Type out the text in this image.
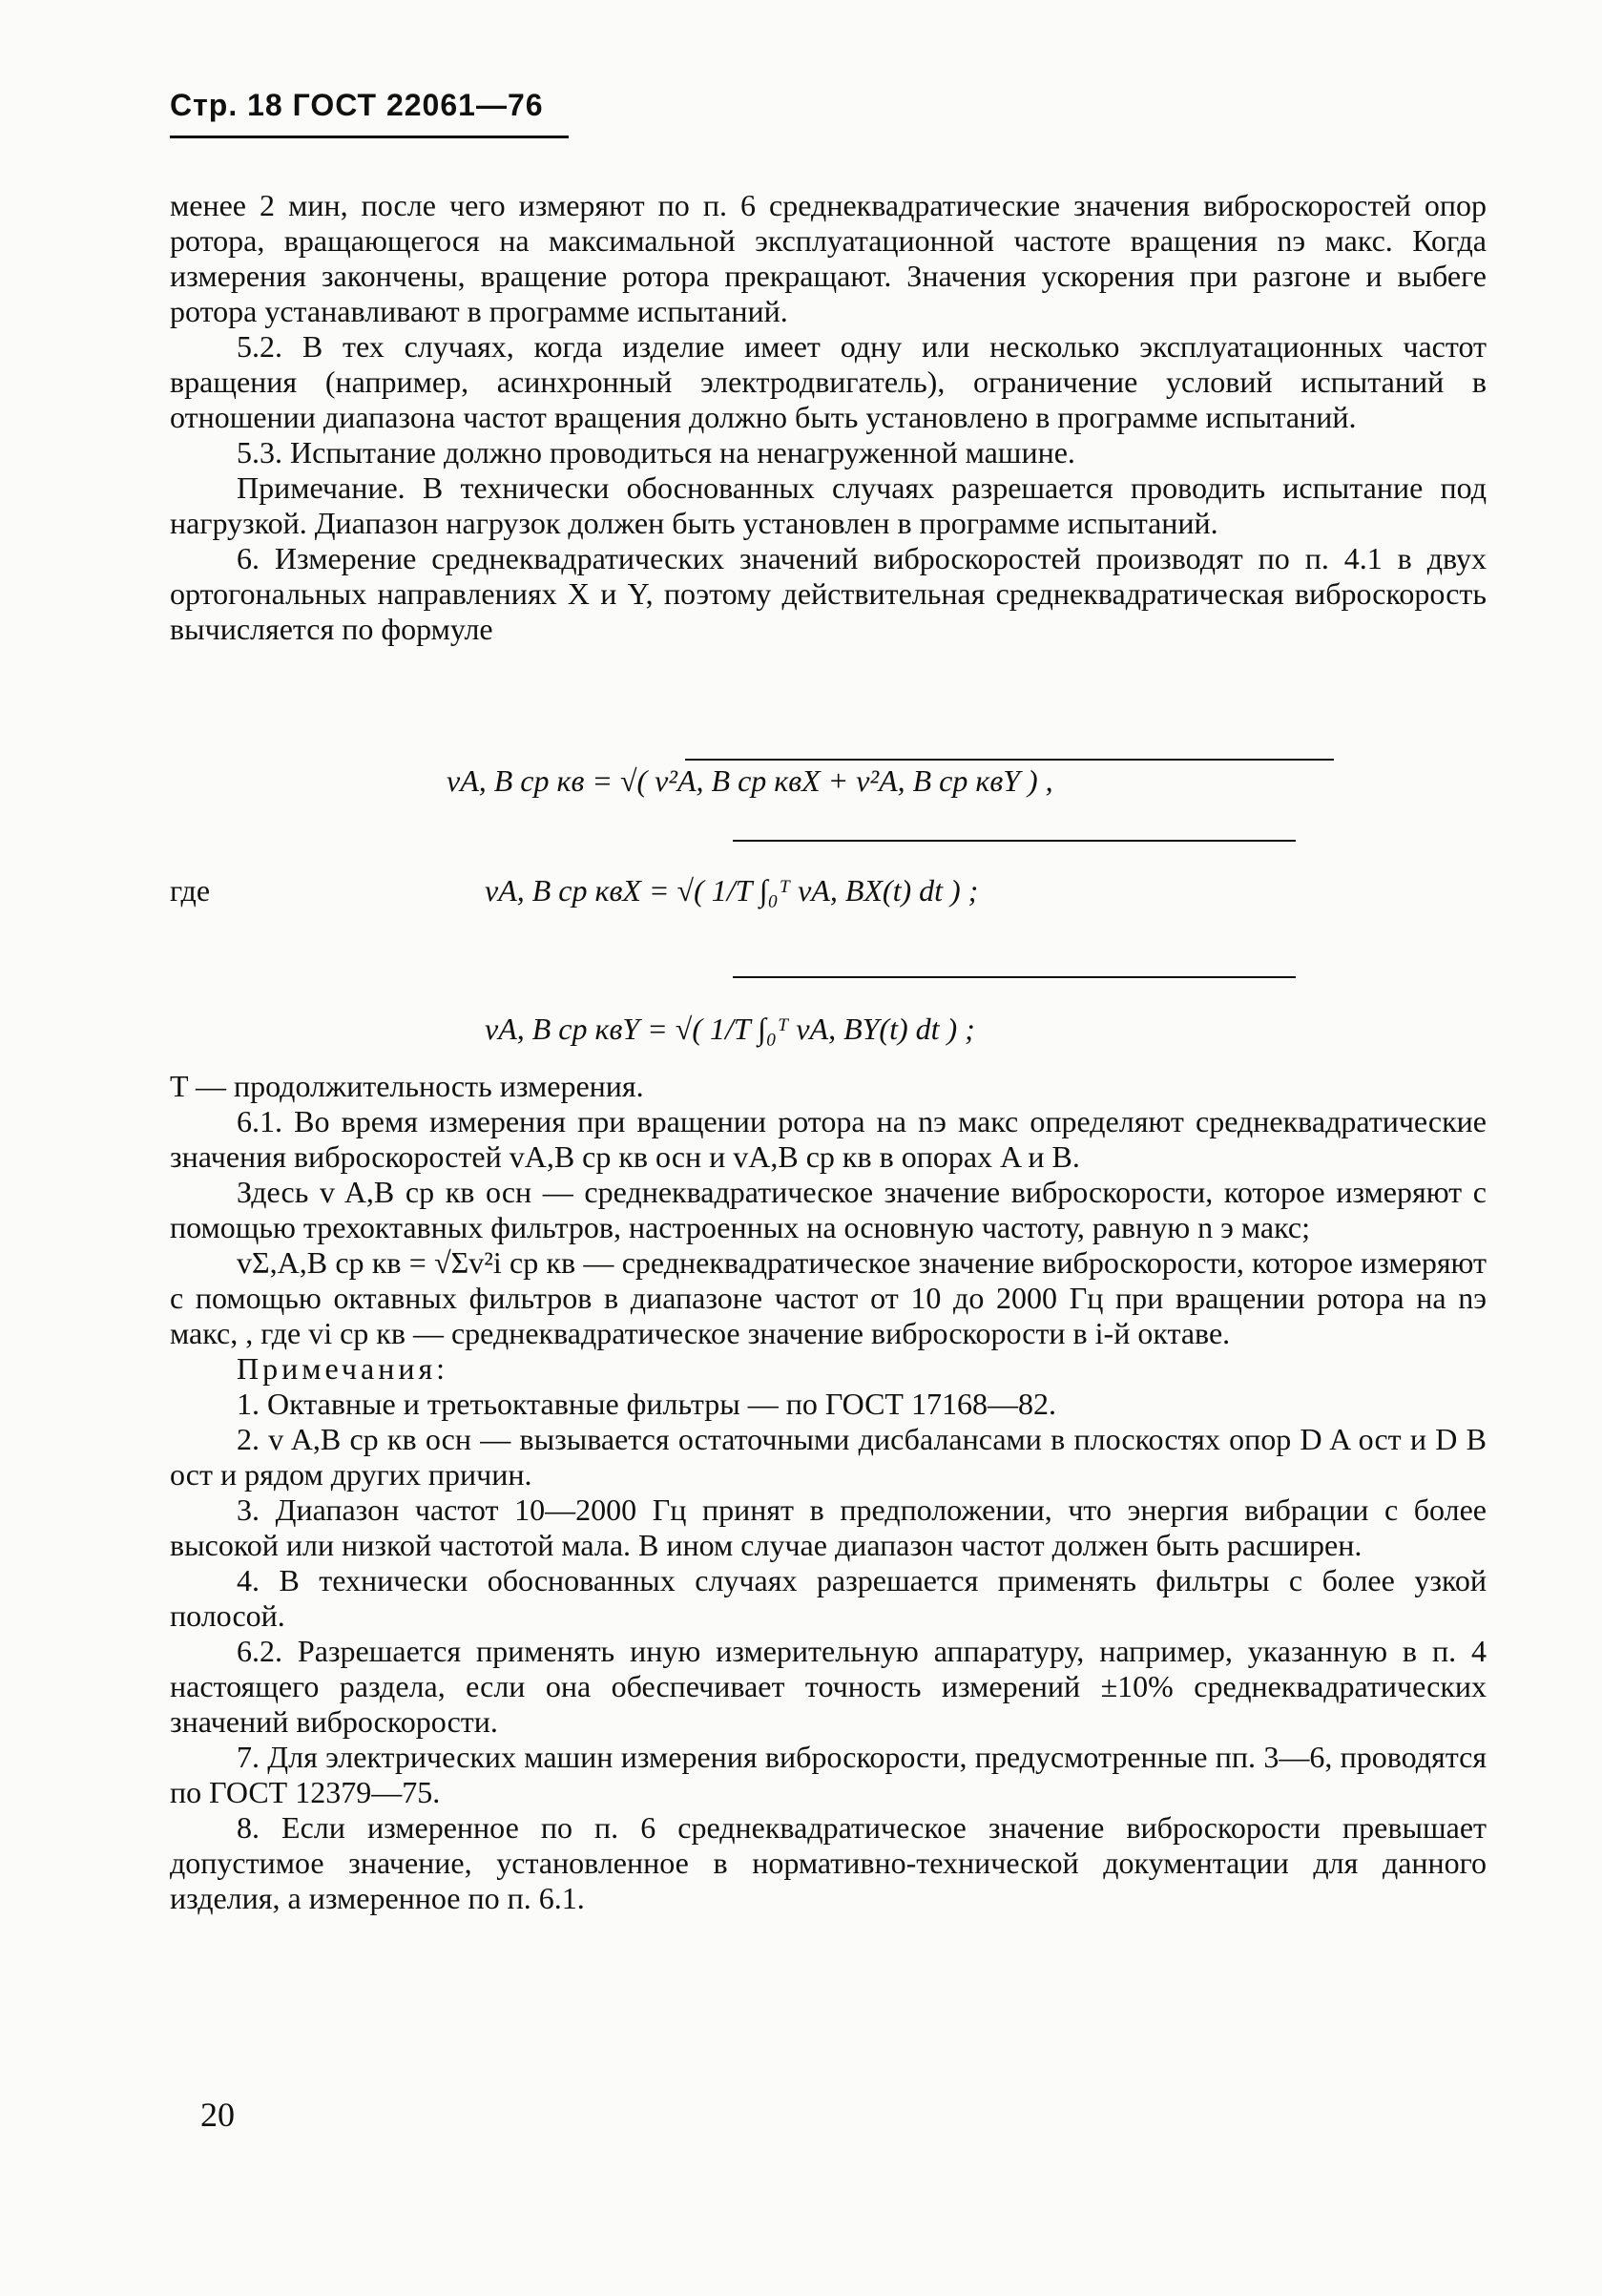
Стр. 18 ГОСТ 22061—76

менее 2 мин, после чего измеряют по п. 6 среднеквадратические значения виброскоростей опор ротора, вращающегося на максимальной эксплуатационной частоте вращения nэ макс. Когда измерения закончены, вращение ротора прекращают. Значения ускорения при разгоне и выбеге ротора устанавливают в программе испытаний.

5.2. В тех случаях, когда изделие имеет одну или несколько эксплуатационных частот вращения (например, асинхронный электродвигатель), ограничение условий испытаний в отношении диапазона частот вращения должно быть установлено в программе испытаний.

5.3. Испытание должно проводиться на ненагруженной машине.

Примечание. В технически обоснованных случаях разрешается проводить испытание под нагрузкой. Диапазон нагрузок должен быть установлен в программе испытаний.

6. Измерение среднеквадратических значений виброскоростей производят по п. 4.1 в двух ортогональных направлениях X и Y, поэтому действительная среднеквадратическая виброскорость вычисляется по формуле

где
vA, B ср кв = √( v²A, B ср квX + v²A, B ср квY ) ,
vA, B ср квX = √( 1/T ∫₀ᵀ vA, BX(t) dt ) ;
vA, B ср квY = √( 1/T ∫₀ᵀ vA, BY(t) dt ) ;

T — продолжительность измерения.

6.1. Во время измерения при вращении ротора на nэ макс определяют среднеквадратические значения виброскоростей vA,B ср кв осн и vA,B ср кв в опорах A и B.

Здесь v A,B ср кв осн — среднеквадратическое значение виброскорости, которое измеряют с помощью трехоктавных фильтров, настроенных на основную частоту, равную n э макс;

vΣ,A,B ср кв = √Σv²i ср кв — среднеквадратическое значение виброскорости, которое измеряют с помощью октавных фильтров в диапазоне частот от 10 до 2000 Гц при вращении ротора на nэ макс, , где vi ср кв — среднеквадратическое значение виброскорости в i-й октаве.

Примечания:

1. Октавные и третьоктавные фильтры — по ГОСТ 17168—82.

2. v A,B ср кв осн — вызывается остаточными дисбалансами в плоскостях опор D A ост и D B ост и рядом других причин.

3. Диапазон частот 10—2000 Гц принят в предположении, что энергия вибрации с более высокой или низкой частотой мала. В ином случае диапазон частот должен быть расширен.

4. В технически обоснованных случаях разрешается применять фильтры с более узкой полосой.

6.2. Разрешается применять иную измерительную аппаратуру, например, указанную в п. 4 настоящего раздела, если она обеспечивает точность измерений ±10% среднеквадратических значений виброскорости.

7. Для электрических машин измерения виброскорости, предусмотренные пп. 3—6, проводятся по ГОСТ 12379—75.

8. Если измеренное по п. 6 среднеквадратическое значение виброскорости превышает допустимое значение, установленное в нормативно-технической документации для данного изделия, а измеренное по п. 6.1.

20
